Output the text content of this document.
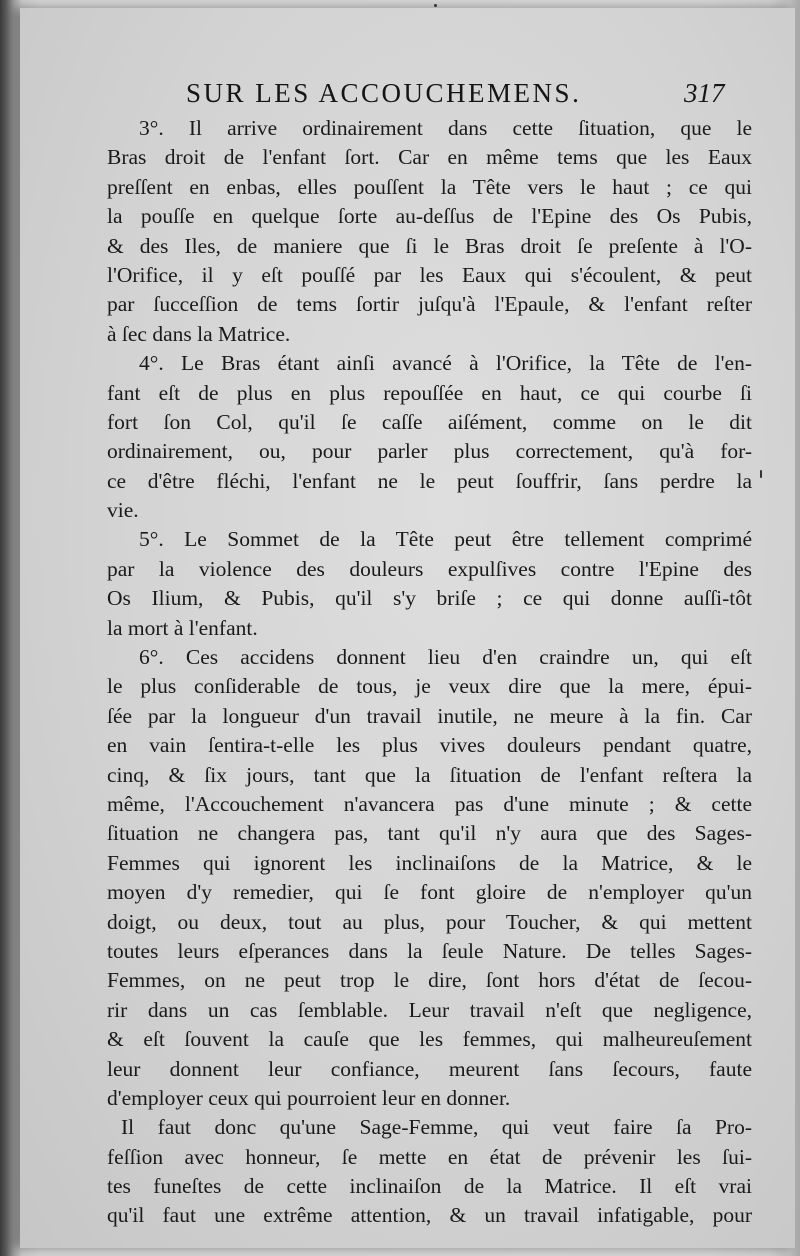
SUR LES ACCOUCHEMENS.	317
3°. Il arrive ordinairement dans cette ſituation, que le
Bras droit de l'enfant ſort. Car en même tems que les Eaux
preſſent en enbas, elles pouſſent la Tête vers le haut ; ce qui
la pouſſe en quelque ſorte au-deſſus de l'Epine des Os Pubis,
& des Iles, de maniere que ſi le Bras droit ſe preſente à l'O-
l'Orifice, il y eſt pouſſé par les Eaux qui s'écoulent, & peut
par ſucceſſion de tems ſortir juſqu'à l'Epaule, & l'enfant reſter
à ſec dans la Matrice.
4°. Le Bras étant ainſi avancé à l'Orifice, la Tête de l'en-
fant eſt de plus en plus repouſſée en haut, ce qui courbe ſi
fort ſon Col, qu'il ſe caſſe aiſément, comme on le dit
ordinairement, ou, pour parler plus correctement, qu'à for-
ce d'être fléchi, l'enfant ne le peut ſouffrir, ſans perdre la
vie.
5°. Le Sommet de la Tête peut être tellement comprimé
par la violence des douleurs expulſives contre l'Epine des
Os Ilium, & Pubis, qu'il s'y briſe ; ce qui donne auſſi-tôt
la mort à l'enfant.
6°. Ces accidens donnent lieu d'en craindre un, qui eſt
le plus conſiderable de tous, je veux dire que la mere, épui-
ſée par la longueur d'un travail inutile, ne meure à la fin. Car
en vain ſentira-t-elle les plus vives douleurs pendant quatre,
cinq, & ſix jours, tant que la ſituation de l'enfant reſtera la
même, l'Accouchement n'avancera pas d'une minute ; & cette
ſituation ne changera pas, tant qu'il n'y aura que des Sages-
Femmes qui ignorent les inclinaiſons de la Matrice, & le
moyen d'y remedier, qui ſe font gloire de n'employer qu'un
doigt, ou deux, tout au plus, pour Toucher, & qui mettent
toutes leurs eſperances dans la ſeule Nature. De telles Sages-
Femmes, on ne peut trop le dire, ſont hors d'état de ſecou-
rir dans un cas ſemblable. Leur travail n'eſt que negligence,
& eſt ſouvent la cauſe que les femmes, qui malheureuſement
leur donnent leur confiance, meurent ſans ſecours, faute
d'employer ceux qui pourroient leur en donner.
Il faut donc qu'une Sage-Femme, qui veut faire ſa Pro-
feſſion avec honneur, ſe mette en état de prévenir les ſui-
tes funeſtes de cette inclinaiſon de la Matrice. Il eſt vrai
qu'il faut une extrême attention, & un travail infatigable, pour
